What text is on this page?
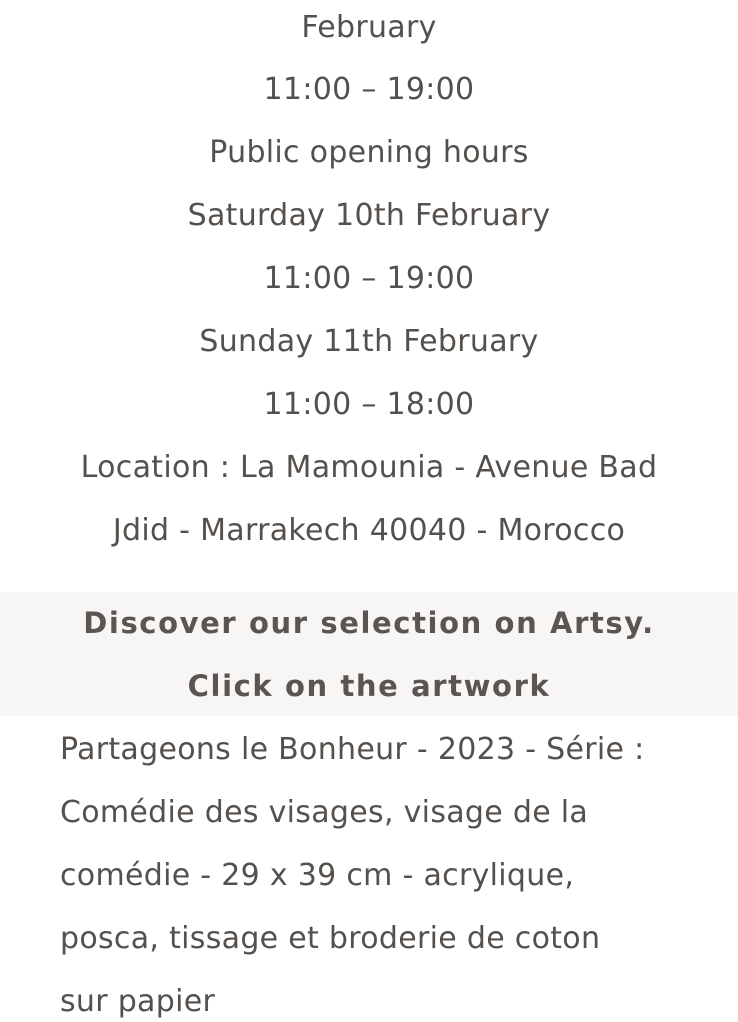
February
11:00 – 19:00
Public opening hours
Saturday 10th February
11:00 – 19:00
Sunday 11th February
11:00 – 18:00
Location : La Mamounia - Avenue Bad
Jdid - Marrakech 40040 - Morocco
Discover our selection on Artsy.
Click on the artwork
Partageons le Bonheur - 2023 - Série :
Comédie des visages, visage de la
comédie - 29 x 39 cm - acrylique,
posca, tissage et broderie de coton
sur papier
